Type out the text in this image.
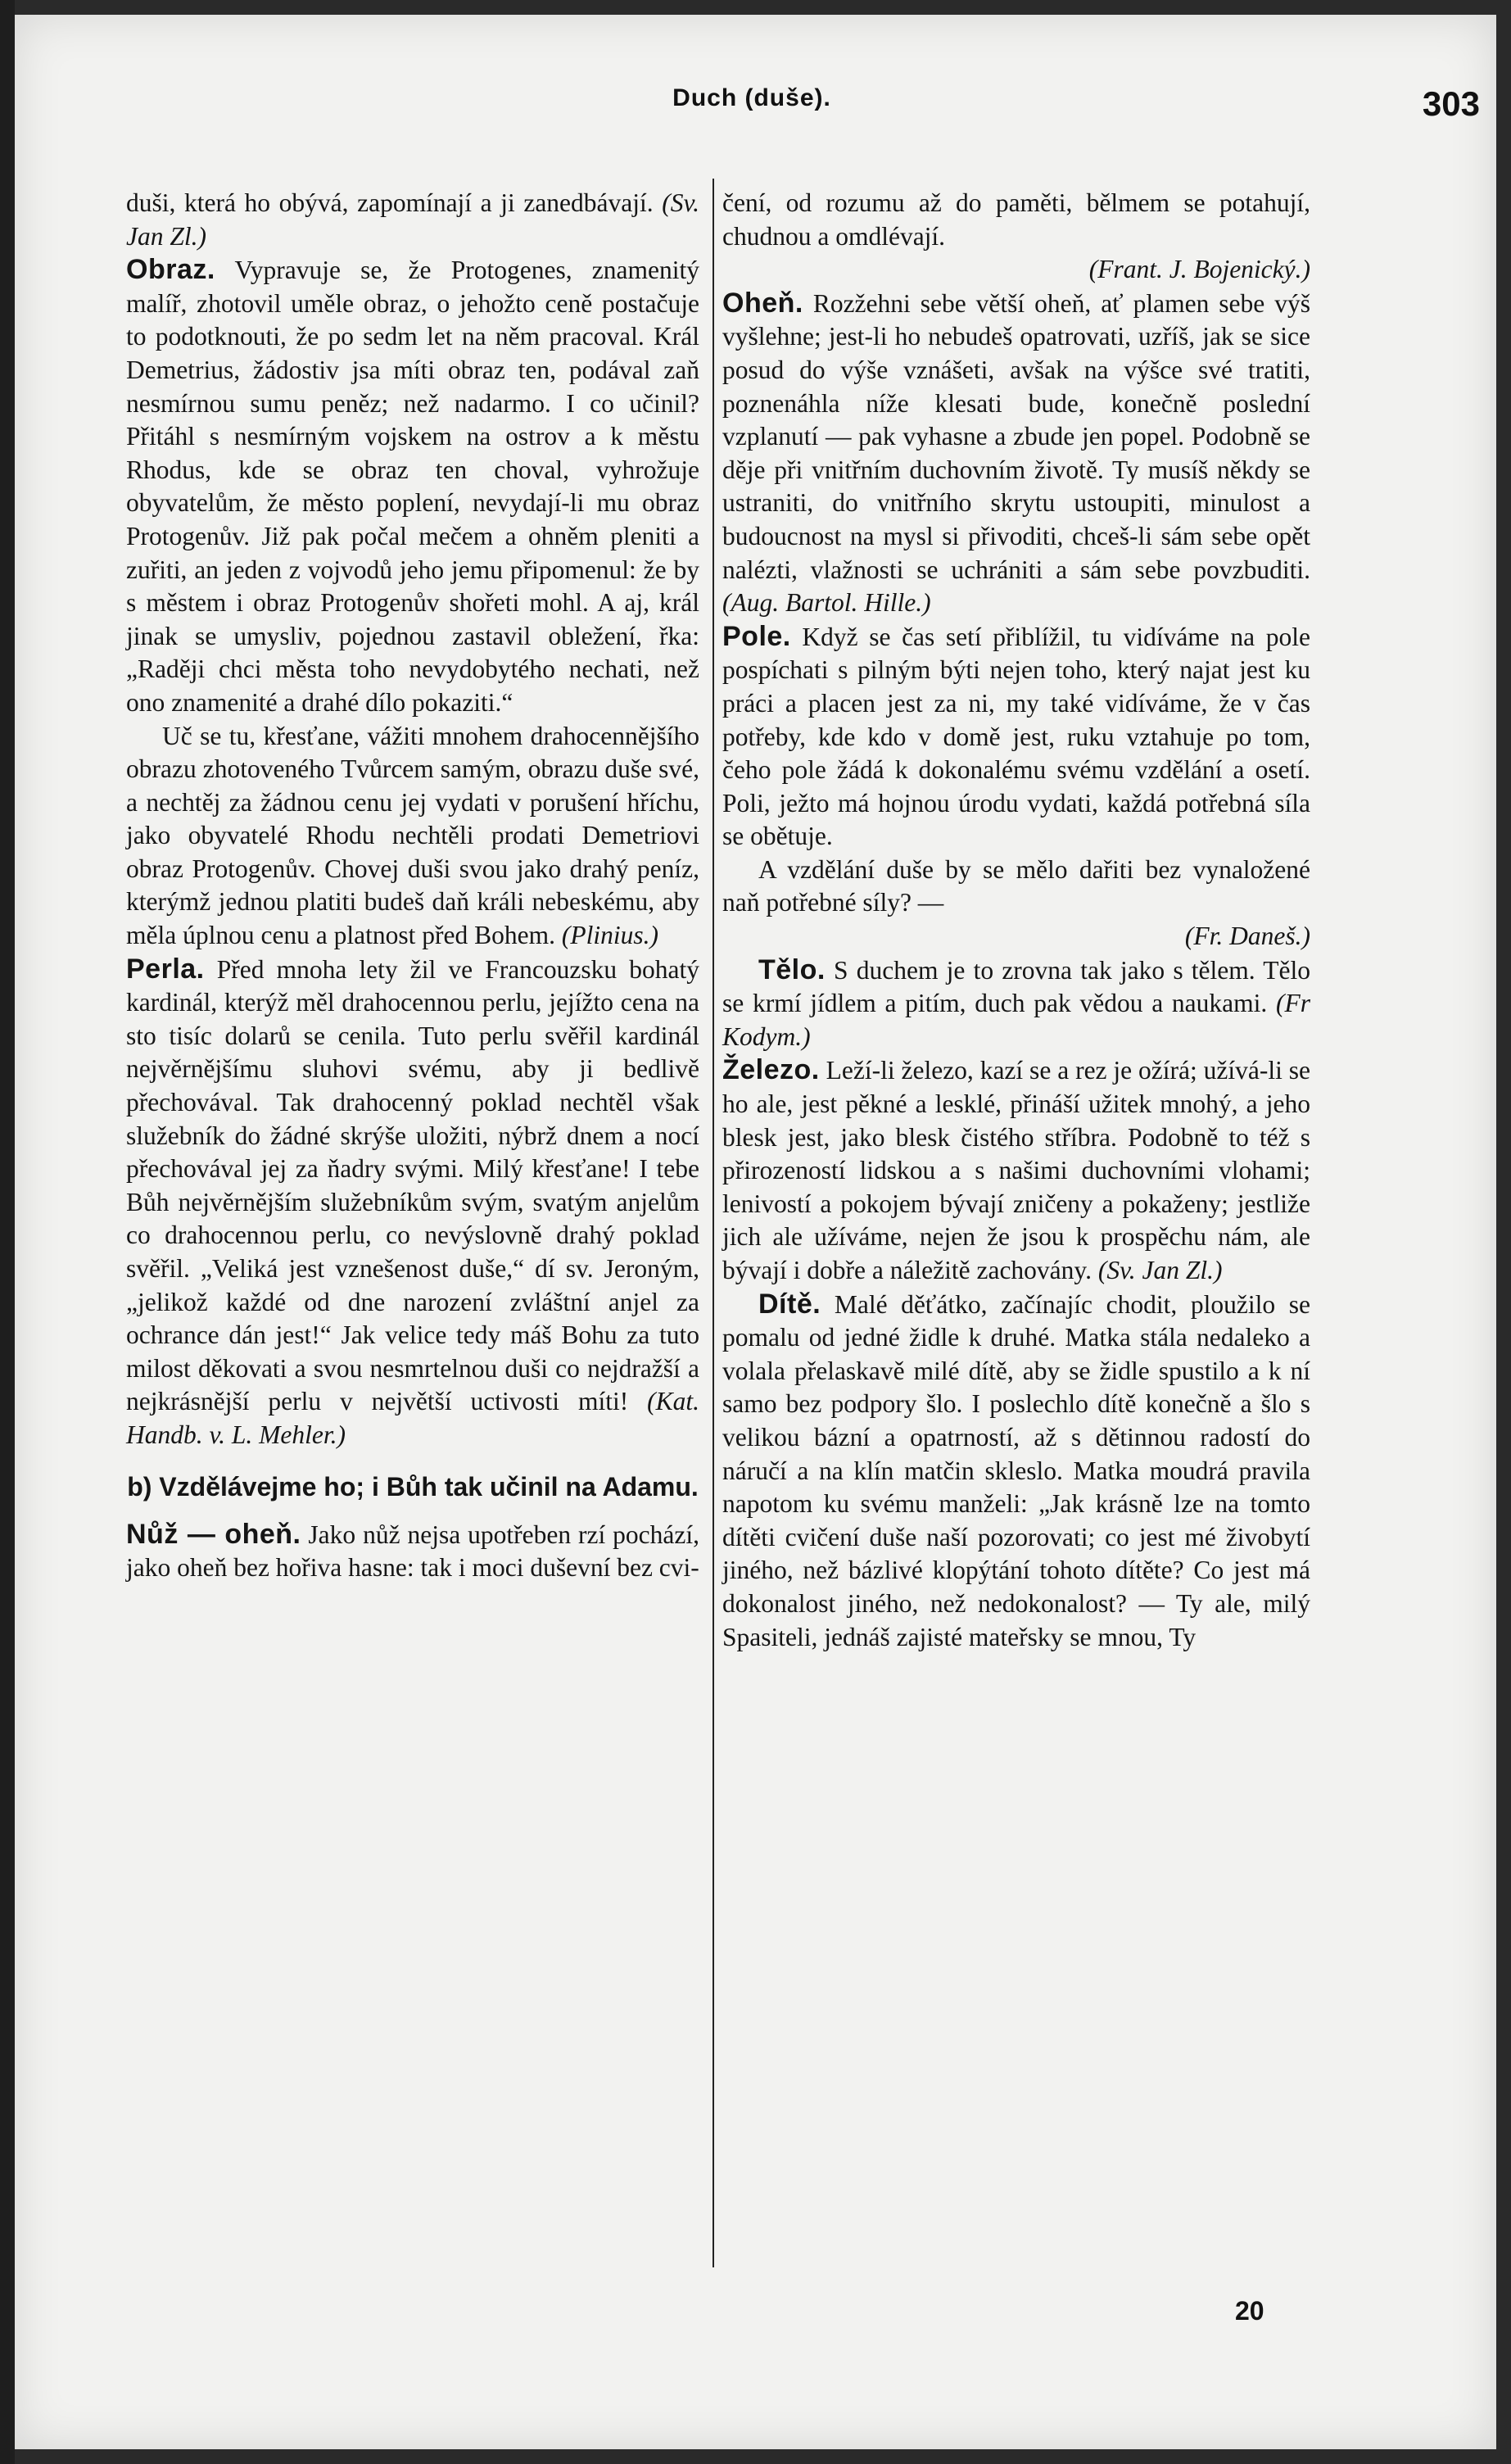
Duch (duše).	303

duši, která ho obývá, zapomínají a ji zanedbávají. (Sv. Jan Zl.)

Obraz. Vypravuje se, že Protogenes, znamenitý malíř, zhotovil uměle obraz, o jehožto ceně postačuje to podotknouti, že po sedm let na něm pracoval. Král Demetrius, žádostiv jsa míti obraz ten, podával zaň nesmírnou sumu peněz; než nadarmo. I co učinil? Přitáhl s nesmírným vojskem na ostrov a k městu Rhodus, kde se obraz ten choval, vyhrožuje obyvatelům, že město poplení, nevydají-li mu obraz Protogenův. Již pak počal mečem a ohněm pleniti a zuřiti, an jeden z vojvodů jeho jemu připomenul: že by s městem i obraz Protogenův shořeti mohl. A aj, král jinak se umysliv, pojednou zastavil obležení, řka: „Raději chci města toho nevydobytého nechati, než ono znamenité a drahé dílo pokaziti.“

Uč se tu, křesťane, vážiti mnohem drahocennějšího obrazu zhotoveného Tvůrcem samým, obrazu duše své, a nechtěj za žádnou cenu jej vydati v porušení hříchu, jako obyvatelé Rhodu nechtěli prodati Demetriovi obraz Protogenův. Chovej duši svou jako drahý peníz, kterýmž jednou platiti budeš daň králi nebeskému, aby měla úplnou cenu a platnost před Bohem. (Plinius.)

Perla. Před mnoha lety žil ve Francouzsku bohatý kardinál, kterýž měl drahocennou perlu, jejížto cena na sto tisíc dolarů se cenila. Tuto perlu svěřil kardinál nejvěrnějšímu sluhovi svému, aby ji bedlivě přechovával. Tak drahocenný poklad nechtěl však služebník do žádné skrýše uložiti, nýbrž dnem a nocí přechovával jej za ňadry svými. Milý křesťane! I tebe Bůh nejvěrnějším služebníkům svým, svatým anjelům co drahocennou perlu, co nevýslovně drahý poklad svěřil. „Veliká jest vznešenost duše,“ dí sv. Jeroným, „jelikož každé od dne narození zvláštní anjel za ochrance dán jest!“ Jak velice tedy máš Bohu za tuto milost děkovati a svou nesmrtelnou duši co nejdražší a nejkrásnější perlu v největší uctivosti míti! (Kat. Handb. v. L. Mehler.)

b) Vzdělávejme ho; i Bůh tak učinil na Adamu.

Nůž — oheň. Jako nůž nejsa upotřeben rzí pochází, jako oheň bez hořiva hasne: tak i moci duševní bez cvi-

čení, od rozumu až do paměti, bělmem se potahují, chudnou a omdlévají.
(Frant. J. Bojenický.)

Oheň. Rozžehni sebe větší oheň, ať plamen sebe výš vyšlehne; jest-li ho nebudeš opatrovati, uzříš, jak se sice posud do výše vznášeti, avšak na výšce své tratiti, poznenáhla níže klesati bude, konečně poslední vzplanutí — pak vyhasne a zbude jen popel. Podobně se děje při vnitřním duchovním životě. Ty musíš někdy se ustraniti, do vnitřního skrytu ustoupiti, minulost a budoucnost na mysl si přivoditi, chceš-li sám sebe opět nalézti, vlažnosti se uchrániti a sám sebe povzbuditi. (Aug. Bartol. Hille.)

Pole. Když se čas setí přiblížil, tu vidíváme na pole pospíchati s pilným býti nejen toho, který najat jest ku práci a placen jest za ni, my také vidíváme, že v čas potřeby, kde kdo v domě jest, ruku vztahuje po tom, čeho pole žádá k dokonalému svému vzdělání a osetí. Poli, ježto má hojnou úrodu vydati, každá potřebná síla se obětuje.

A vzdělání duše by se mělo dařiti bez vynaložené naň potřebné síly? —
(Fr. Daneš.)

Tělo. S duchem je to zrovna tak jako s tělem. Tělo se krmí jídlem a pitím, duch pak vědou a naukami. (Fr Kodym.)

Železo. Leží-li železo, kazí se a rez je ožírá; užívá-li se ho ale, jest pěkné a lesklé, přináší užitek mnohý, a jeho blesk jest, jako blesk čistého stříbra. Podobně to též s přirozeností lidskou a s našimi duchovními vlohami; lenivostí a pokojem bývají zničeny a pokaženy; jestliže jich ale užíváme, nejen že jsou k prospěchu nám, ale bývají i dobře a náležitě zachovány. (Sv. Jan Zl.)

Dítě. Malé děťátko, začínajíc chodit, ploužilo se pomalu od jedné židle k druhé. Matka stála nedaleko a volala přelaskavě milé dítě, aby se židle spustilo a k ní samo bez podpory šlo. I poslechlo dítě konečně a šlo s velikou bázní a opatrností, až s dětinnou radostí do náručí a na klín matčin skleslo. Matka moudrá pravila napotom ku svému manželi: „Jak krásně lze na tomto dítěti cvičení duše naší pozorovati; co jest mé živobytí jiného, než bázlivé klopýtání tohoto dítěte? Co jest má dokonalost jiného, než nedokonalost? — Ty ale, milý Spasiteli, jednáš zajisté mateřsky se mnou, Ty

20
